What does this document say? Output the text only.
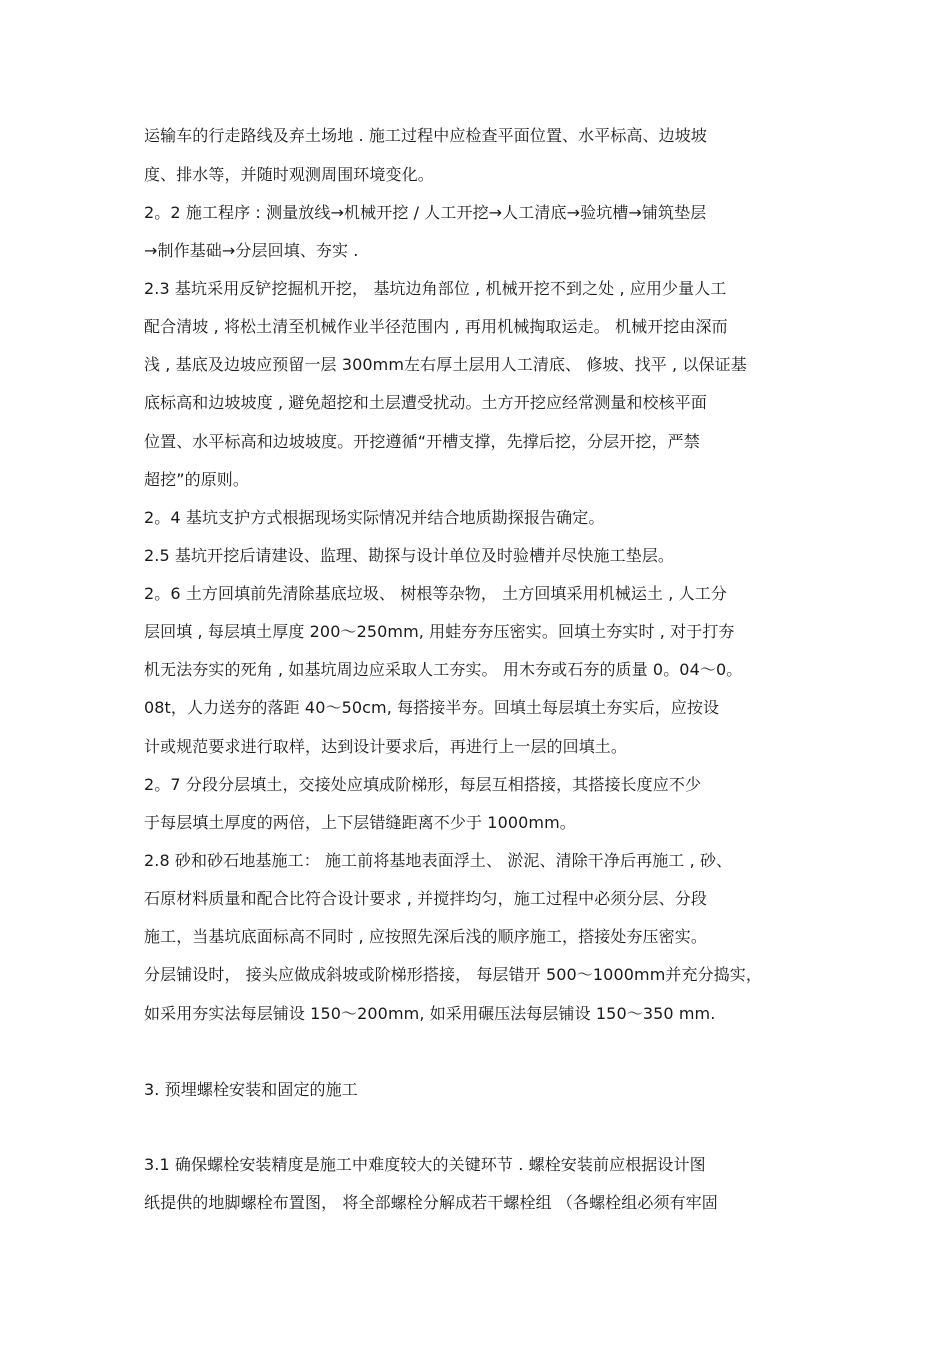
运输车的行走路线及弃土场地 . 施工过程中应检查平面位置、水平标高、边坡坡
度、排水等，并随时观测周围环境变化。
2。2 施工程序 : 测量放线→机械开挖 / 人工开挖→人工清底→验坑槽→铺筑垫层
→制作基础→分层回填、夯实 .
2.3 基坑采用反铲挖掘机开挖， 基坑边角部位 , 机械开挖不到之处 , 应用少量人工
配合清坡 , 将松土清至机械作业半径范围内 , 再用机械掏取运走。 机械开挖由深而
浅 , 基底及边坡应预留一层 300mm左右厚土层用人工清底、 修坡、找平 , 以保证基
底标高和边坡坡度 , 避免超挖和土层遭受扰动。土方开挖应经常测量和校核平面
位置、水平标高和边坡坡度。开挖遵循“开槽支撑，先撑后挖，分层开挖，严禁
超挖”的原则。
2。4 基坑支护方式根据现场实际情况并结合地质勘探报告确定。
2.5 基坑开挖后请建设、监理、勘探与设计单位及时验槽并尽快施工垫层。
2。6 土方回填前先清除基底垃圾、 树根等杂物， 土方回填采用机械运土 , 人工分
层回填 , 每层填土厚度 200～250mm, 用蛙夯夯压密实。回填土夯实时 , 对于打夯
机无法夯实的死角 , 如基坑周边应采取人工夯实。 用木夯或石夯的质量 0。04～0。
08t，人力送夯的落距 40～50cm, 每搭接半夯。回填土每层填土夯实后，应按设
计或规范要求进行取样，达到设计要求后，再进行上一层的回填土。
2。7 分段分层填土，交接处应填成阶梯形，每层互相搭接，其搭接长度应不少
于每层填土厚度的两倍，上下层错缝距离不少于 1000mm。
2.8 砂和砂石地基施工： 施工前将基地表面浮土、 淤泥、清除干净后再施工 , 砂、
石原材料质量和配合比符合设计要求 , 并搅拌均匀，施工过程中必须分层、分段
施工，当基坑底面标高不同时 , 应按照先深后浅的顺序施工，搭接处夯压密实。
分层铺设时， 接头应做成斜坡或阶梯形搭接， 每层错开 500～1000mm并充分捣实，
如采用夯实法每层铺设 150～200mm, 如采用碾压法每层铺设 150～350 mm.
3. 预埋螺栓安装和固定的施工
3.1 确保螺栓安装精度是施工中难度较大的关键环节 . 螺栓安装前应根据设计图
纸提供的地脚螺栓布置图， 将全部螺栓分解成若干螺栓组 （各螺栓组必须有牢固
